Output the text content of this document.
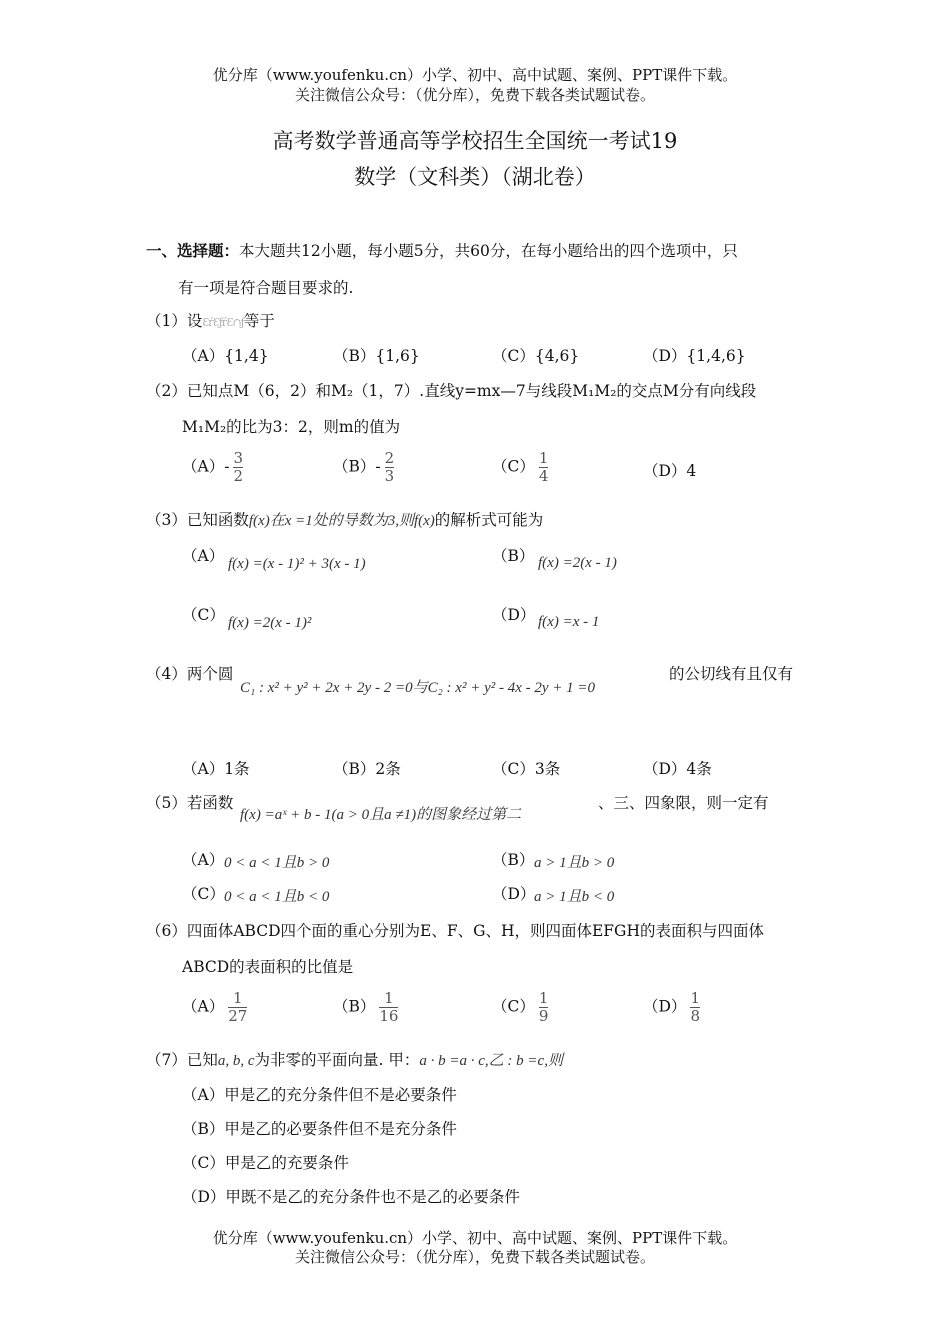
优分库（www.youfenku.cn）小学、初中、高中试题、案例、PPT课件下载。
关注微信公众号：（优分库），免费下载各类试题试卷。
高考数学普通高等学校招生全国统一考试19
数学（文科类）（湖北卷）
一、选择题：本大题共12小题，每小题5分，共60分，在每小题给出的四个选项中，只
有一项是符合题目要求的.
（1）设ƐѓƐƒѓƐ∩ƒ等于
（A）{1,4}	（B）{1,6}	（C）{4,6}	（D）{1,4,6}
（2）已知点M（6，2）和M₂（1，7）.直线y=mx—7与线段M₁M₂的交点M分有向线段
M₁M₂的比为3：2，则m的值为
$(A)- \frac{3}{2}$	$(B)- \frac{2}{3}$	$(C) \frac{1}{4}$	（D）4
（3）已知函数f(x)在x =1处的导数为3,则f(x)的解析式可能为
（A） f(x) =(x - 1)² + 3(x - 1)	（B） f(x) =2(x - 1)
（C） f(x) =2(x - 1)²	（D） f(x) =x - 1
（4）两个圆
C₁ : x² + y² + 2x + 2y - 2 =0与C₂ : x² + y² - 4x - 2y + 1 =0
的公切线有且仅有
（A）1条	（B）2条	（C）3条	（D）4条
（5）若函数
f(x) =aˣ + b - 1(a > 0且a ≠1)的图象经过第二
、三、四象限，则一定有
（A） 0 < a < 1且b > 0	（B） a > 1且b > 0
（C） 0 < a < 1且b < 0	（D）
a > 1且b < 0
（6）四面体ABCD四个面的重心分别为E、F、G、H，则四面体EFGH的表面积与四面体
ABCD的表面积的比值是
$(A) \frac{1}{27}$	$(B) \frac{1}{16}$	$(C) \frac{1}{9}$	$(D) \frac{1}{8}$
（7）已知a, b, c为非零的平面向量. 甲：a · b =a · c,乙 : b =c,则
（A）甲是乙的充分条件但不是必要条件
（B）甲是乙的必要条件但不是充分条件
（C）甲是乙的充要条件
（D）甲既不是乙的充分条件也不是乙的必要条件
优分库（www.youfenku.cn）小学、初中、高中试题、案例、PPT课件下载。
关注微信公众号：（优分库），免费下载各类试题试卷。
